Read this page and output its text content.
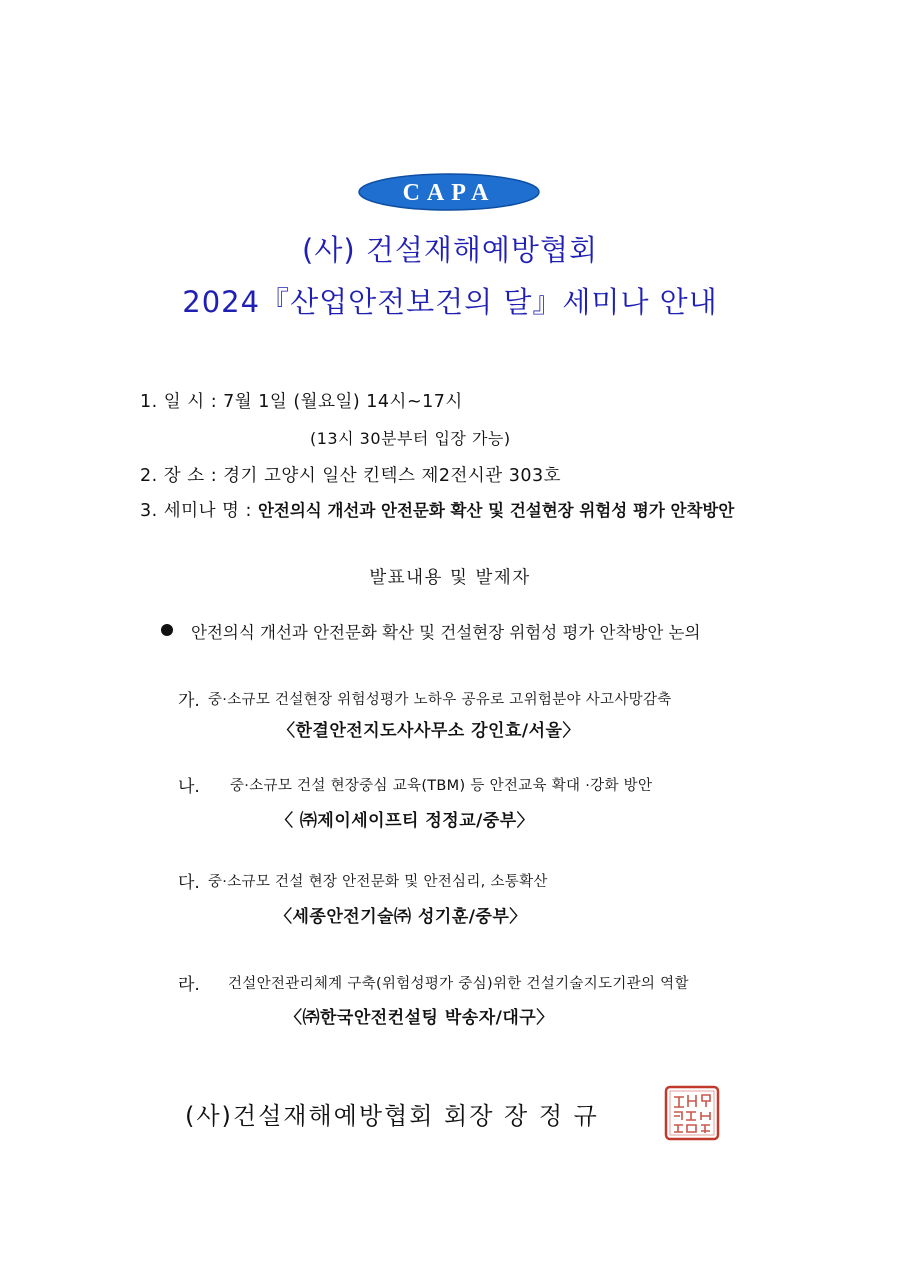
CAPA
(사) 건설재해예방협회
2024『산업안전보건의 달』세미나 안내
1. 일 시 : 7월 1일 (월요일) 14시~17시
(13시 30분부터 입장 가능)
2. 장 소 : 경기 고양시 일산 킨텍스 제2전시관 303호
3. 세미나 명 : 안전의식 개선과 안전문화 확산 및 건설현장 위험성 평가 안착방안
발표내용 및 발제자
안전의식 개선과 안전문화 확산 및 건설현장 위험성 평가 안착방안 논의
가. 중·소규모 건설현장 위험성평가 노하우 공유로 고위험분야 사고사망감축
〈한결안전지도사사무소 강인효/서울〉
나. 중·소규모 건설 현장중심 교육(TBM) 등 안전교육 확대 ·강화 방안
〈 ㈜제이세이프티 정정교/중부〉
다. 중·소규모 건설 현장 안전문화 및 안전심리, 소통확산
〈세종안전기술㈜ 성기훈/중부〉
라. 건설안전관리체계 구축(위험성평가 중심)위한 건설기술지도기관의 역할
〈㈜한국안전컨설팅 박송자/대구〉
(사)건설재해예방협회 회장 장 정 규
